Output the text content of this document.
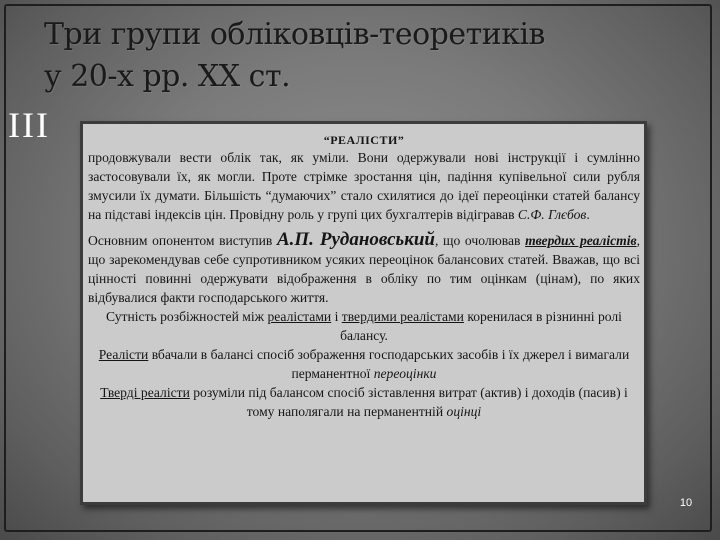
Три групи обліковців-теоретиків
у 20-х рр. ХХ ст.
III	“РЕАЛІСТИ”

продовжували вести облік так, як уміли. Вони одержували нові інструкції і сумлінно застосовували їх, як могли. Проте стрімке зростання цін, падіння купівельної сили рубля змусили їх думати. Більшість “думаючих” стало схилятися до ідеї переоцінки статей балансу на підставі індексів цін. Провідну роль у групі цих бухгалтерів відігравав С.Ф. Глєбов.

Основним опонентом виступив А.П. Рудановський, що очолював твердих реалістів, що зарекомендував себе супротивником усяких переоцінок балансових статей. Вважав, що всі цінності повинні одержувати відображення в обліку по тим оцінкам (цінам), по яких відбувалися факти господарського життя.

Сутність розбіжностей між реалістами і твердими реалістами коренилася в різнинні ролі балансу.

Реалісти вбачали в балансі спосіб зображення господарських засобів і їх джерел і вимагали перманентної переоцінки

Тверді реалісти розуміли під балансом спосіб зіставлення витрат (актив) і доходів (пасив) і тому наполягали на перманентній оцінці

10
